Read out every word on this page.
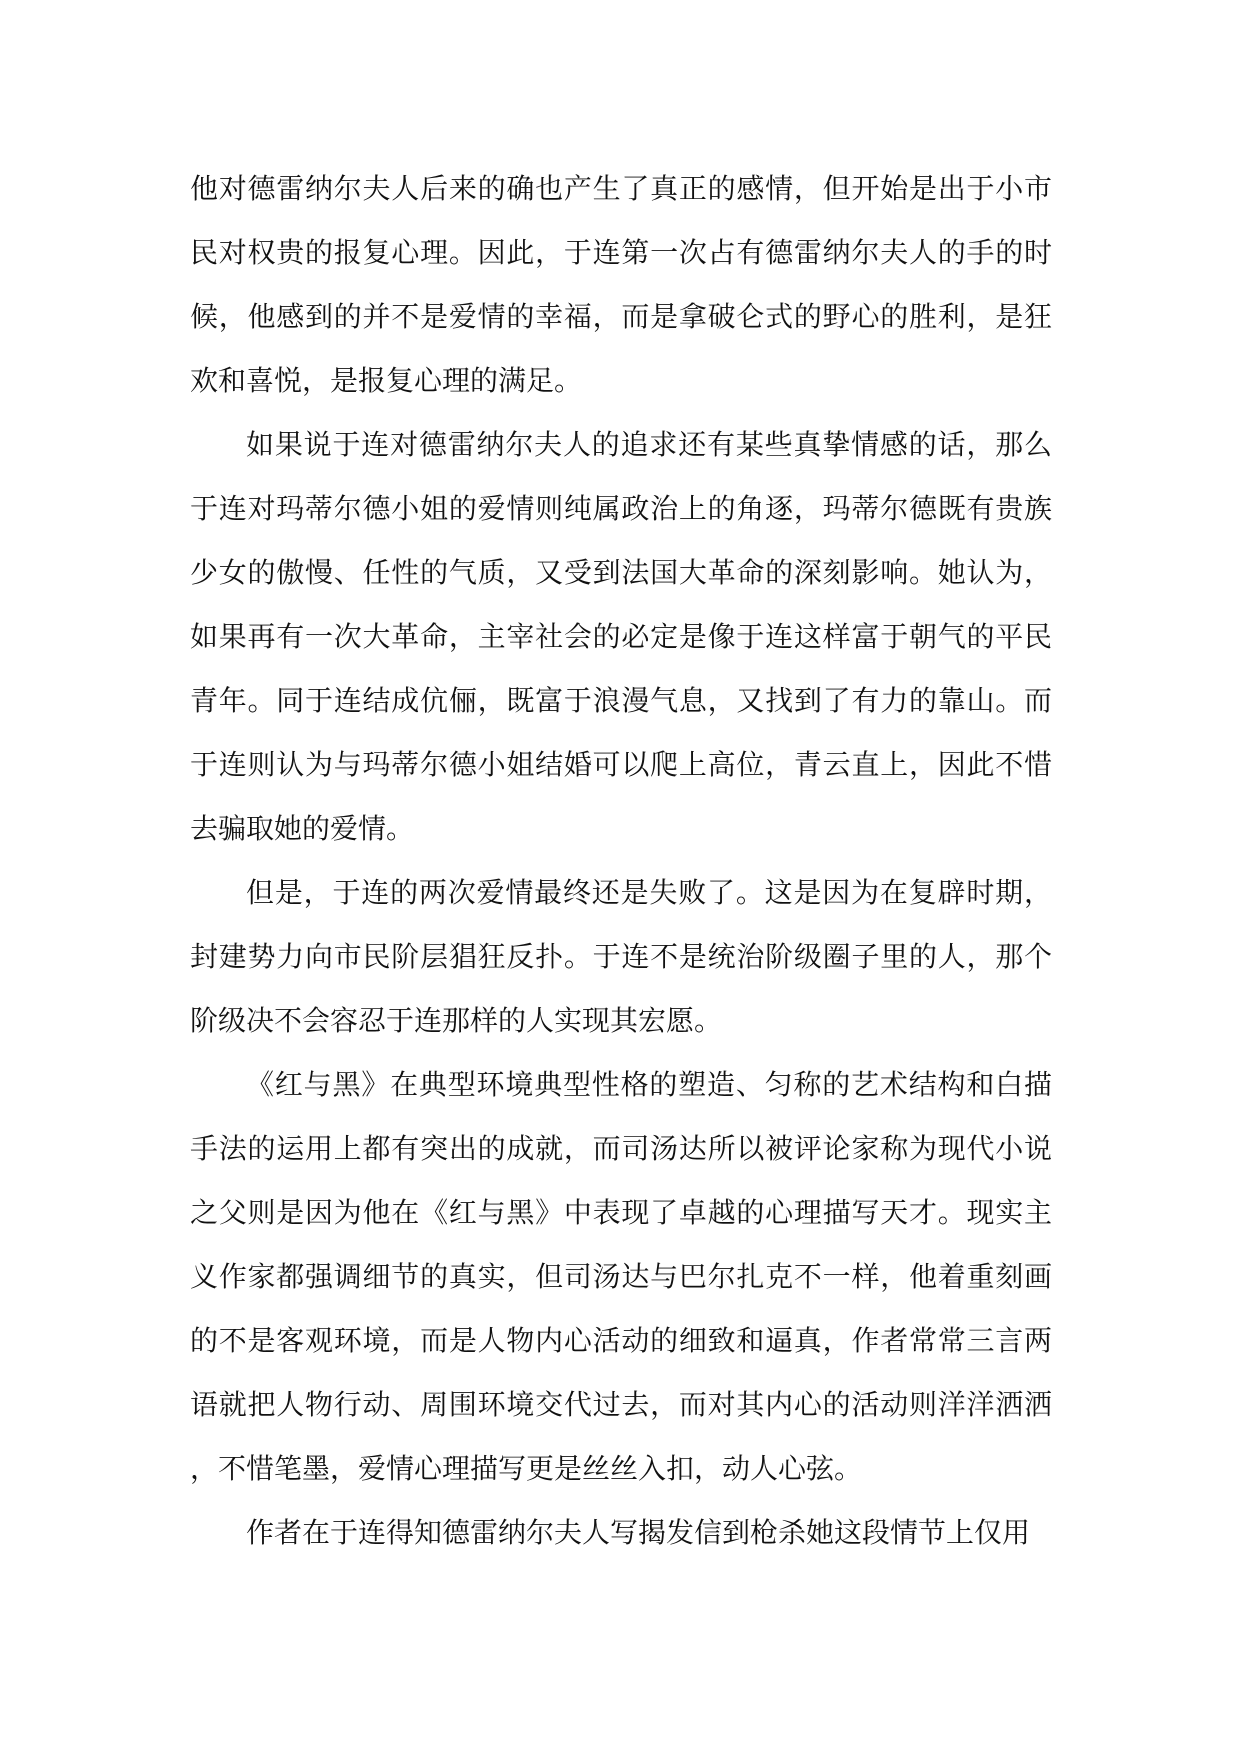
他对德雷纳尔夫人后来的确也产生了真正的感情，但开始是出于小市民对权贵的报复心理。因此，于连第一次占有德雷纳尔夫人的手的时候，他感到的并不是爱情的幸福，而是拿破仑式的野心的胜利，是狂欢和喜悦，是报复心理的满足。

如果说于连对德雷纳尔夫人的追求还有某些真挚情感的话，那么于连对玛蒂尔德小姐的爱情则纯属政治上的角逐，玛蒂尔德既有贵族少女的傲慢、任性的气质，又受到法国大革命的深刻影响。她认为，如果再有一次大革命，主宰社会的必定是像于连这样富于朝气的平民青年。同于连结成伉俪，既富于浪漫气息，又找到了有力的靠山。而于连则认为与玛蒂尔德小姐结婚可以爬上高位，青云直上，因此不惜去骗取她的爱情。

但是，于连的两次爱情最终还是失败了。这是因为在复辟时期，封建势力向市民阶层猖狂反扑。于连不是统治阶级圈子里的人，那个阶级决不会容忍于连那样的人实现其宏愿。

《红与黑》在典型环境典型性格的塑造、匀称的艺术结构和白描手法的运用上都有突出的成就，而司汤达所以被评论家称为现代小说之父则是因为他在《红与黑》中表现了卓越的心理描写天才。现实主义作家都强调细节的真实，但司汤达与巴尔扎克不一样，他着重刻画的不是客观环境，而是人物内心活动的细致和逼真，作者常常三言两语就把人物行动、周围环境交代过去，而对其内心的活动则洋洋洒洒，不惜笔墨，爱情心理描写更是丝丝入扣，动人心弦。

作者在于连得知德雷纳尔夫人写揭发信到枪杀她这段情节上仅用
